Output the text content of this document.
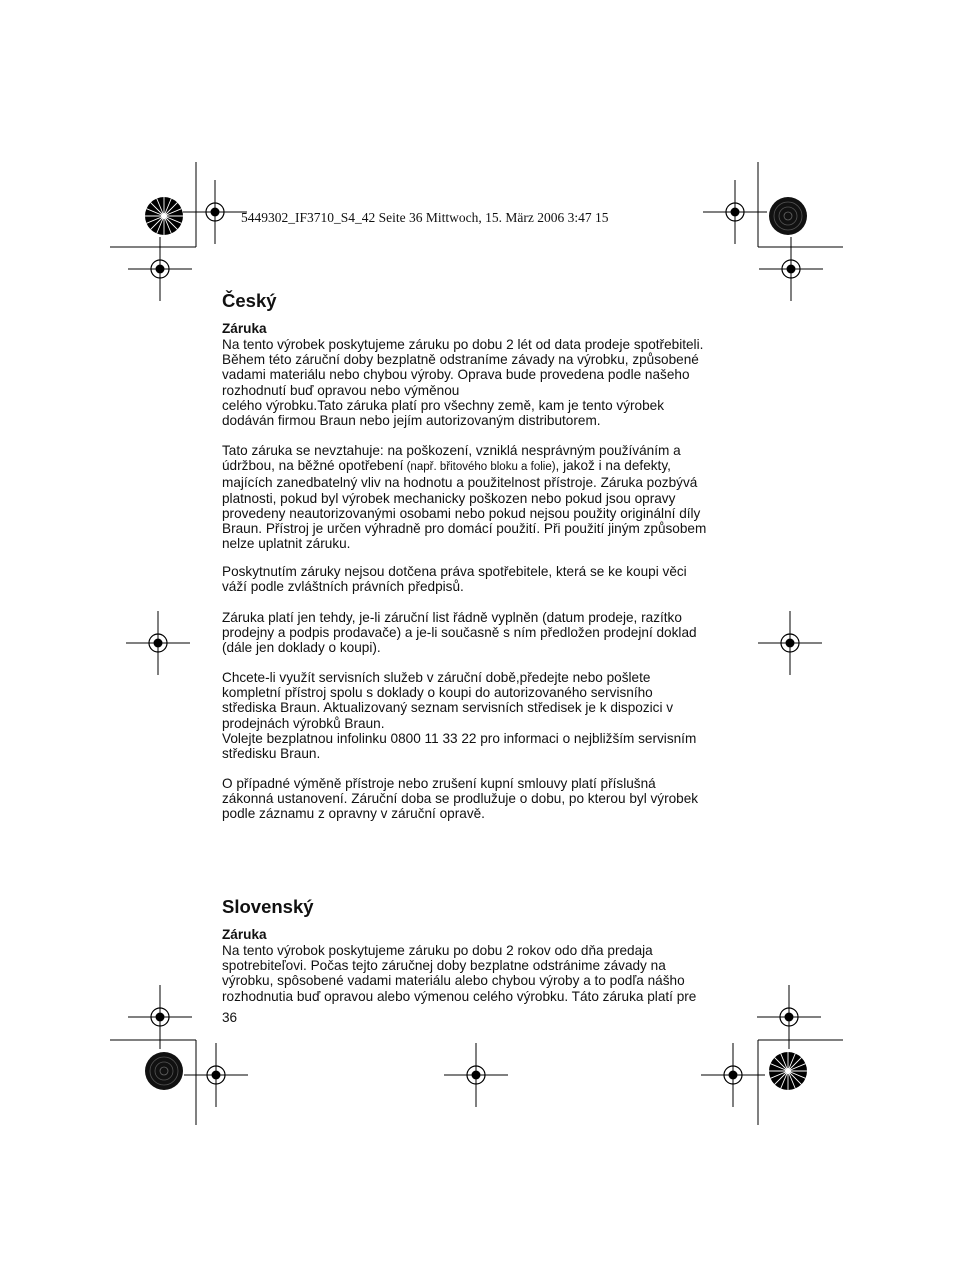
5449302_IF3710_S4_42 Seite 36 Mittwoch, 15. März 2006 3:47 15
Český
Záruka
Na tento výrobek poskytujeme záruku po dobu 2 lét od data prodeje spotřebiteli.
Během této záruční doby bezplatně odstraníme závady na výrobku, způsobené
vadami materiálu nebo chybou výroby. Oprava bude provedena podle našeho
rozhodnutí buď opravou nebo výměnou
celého výrobku.Tato záruka platí pro všechny země, kam je tento výrobek
dodáván firmou Braun nebo jejím autorizovaným distributorem.
Tato záruka se nevztahuje: na poškození, vzniklá nesprávným používáním a
údržbou, na běžné opotřebení (např. břitového bloku a folie), jakož i na defekty,
majících zanedbatelný vliv na hodnotu a použitelnost přístroje. Záruka pozbývá
platnosti, pokud byl výrobek mechanicky poškozen nebo pokud jsou opravy
provedeny neautorizovanými osobami nebo pokud nejsou použity originální díly
Braun. Přístroj je určen výhradně pro domácí použití. Při použití jiným způsobem
nelze uplatnit záruku.
Poskytnutím záruky nejsou dotčena práva spotřebitele, která se ke koupi věci
váží podle zvláštních právních předpisů.
Záruka platí jen tehdy, je-li záruční list řádně vyplněn (datum prodeje, razítko
prodejny a podpis prodavače) a je-li současně s ním předložen prodejní doklad
(dále jen doklady o koupi).
Chcete-li využít servisních služeb v záruční době,předejte nebo pošlete
kompletní přístroj spolu s doklady o koupi do autorizovaného servisního
střediska Braun. Aktualizovaný seznam servisních středisek je k dispozici v
prodejnách výrobků Braun.
Volejte bezplatnou infolinku 0800 11 33 22 pro informaci o nejbližším servisním
středisku Braun.
O případné výměně přístroje nebo zrušení kupní smlouvy platí příslušná
zákonná ustanovení. Záruční doba se prodlužuje o dobu, po kterou byl výrobek
podle záznamu z opravny v záruční opravě.
Slovenský
Záruka
Na tento výrobok poskytujeme záruku po dobu 2 rokov odo dňa predaja
spotrebiteľovi. Počas tejto záručnej doby bezplatne odstránime závady na
výrobku, spôsobené vadami materiálu alebo chybou výroby a to podľa nášho
rozhodnutia buď opravou alebo výmenou celého výrobku. Táto záruka platí pre
36
